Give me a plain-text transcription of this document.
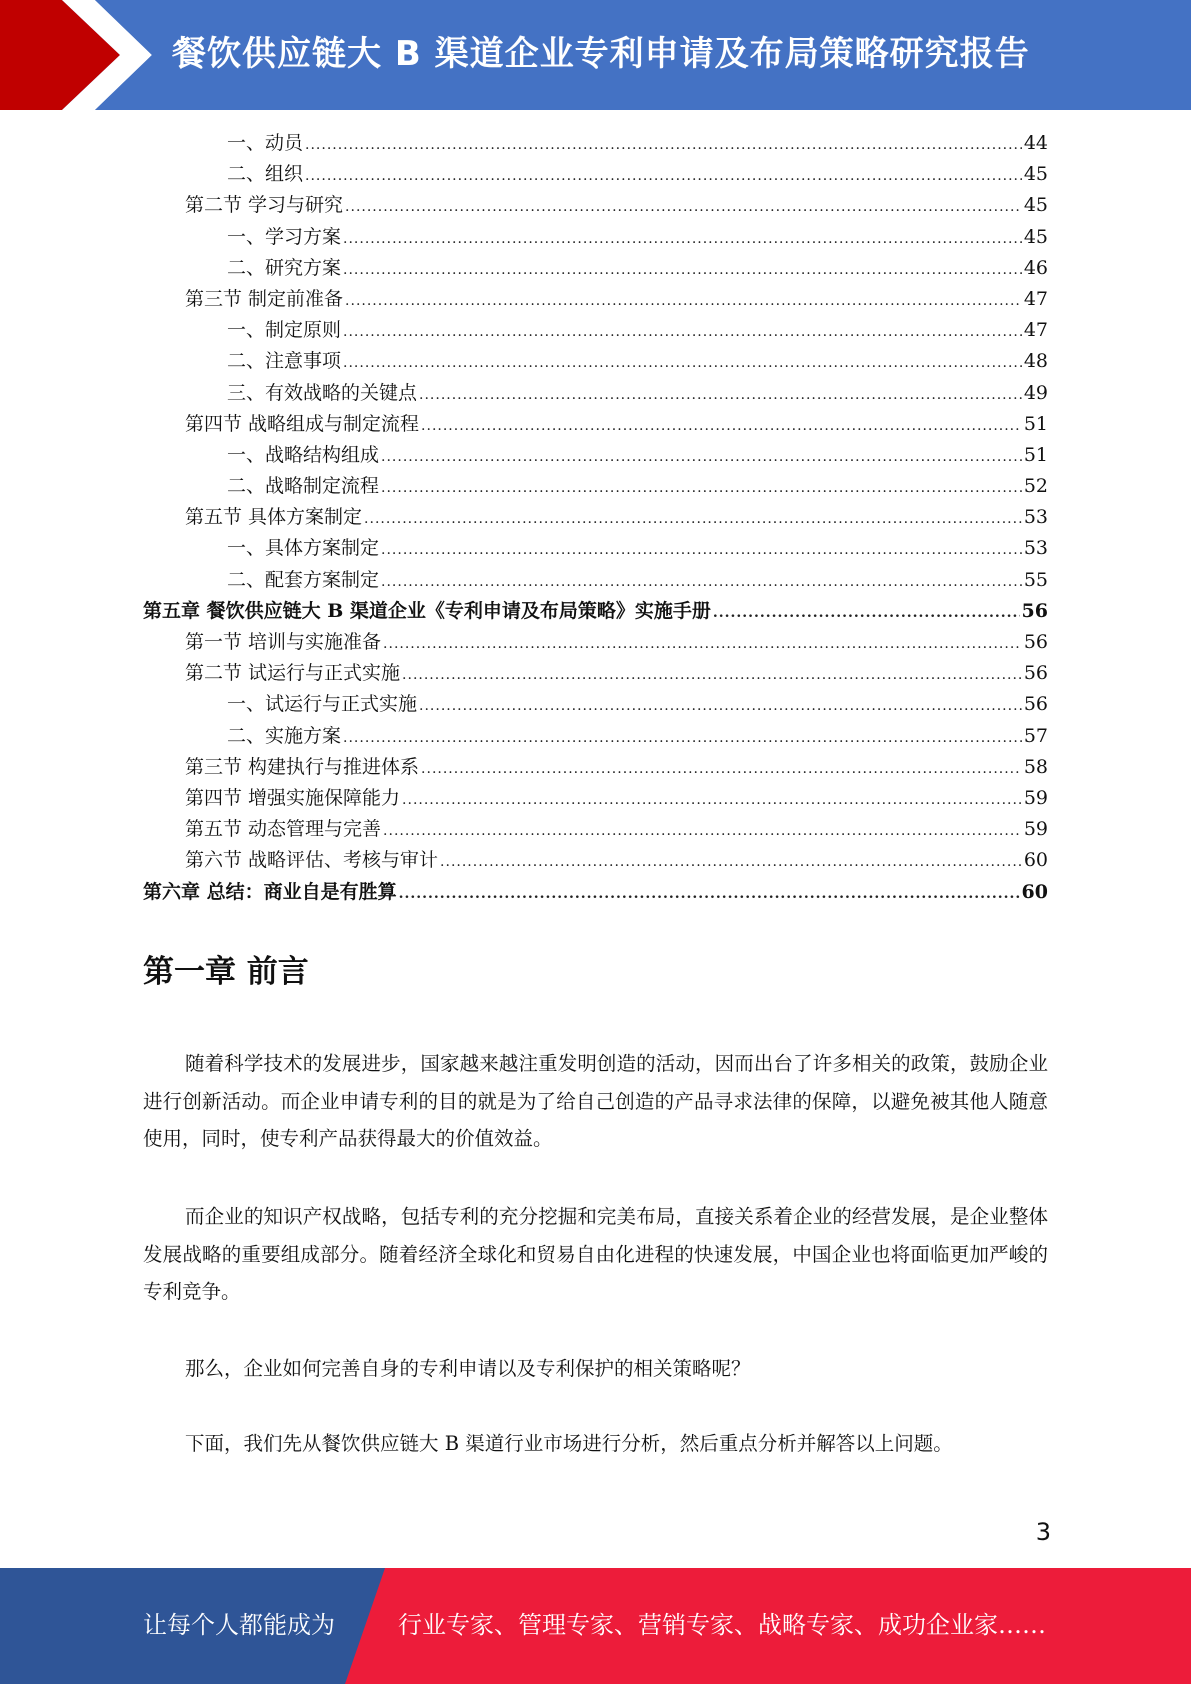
餐饮供应链大 B 渠道企业专利申请及布局策略研究报告
一、动员 .....	44
二、组织 .....	45
第二节 学习与研究 .....	45
一、学习方案 .....	45
二、研究方案 .....	46
第三节 制定前准备 .....	47
一、制定原则 .....	47
二、注意事项 .....	48
三、有效战略的关键点 .....	49
第四节 战略组成与制定流程 .....	51
一、战略结构组成 .....	51
二、战略制定流程 .....	52
第五节 具体方案制定 .....	53
一、具体方案制定 .....	53
二、配套方案制定 .....	55
第五章 餐饮供应链大 B 渠道企业《专利申请及布局策略》实施手册 .....	56
第一节 培训与实施准备 .....	56
第二节 试运行与正式实施 .....	56
一、试运行与正式实施 .....	56
二、实施方案 .....	57
第三节 构建执行与推进体系 .....	58
第四节 增强实施保障能力 .....	59
第五节 动态管理与完善 .....	59
第六节 战略评估、考核与审计 .....	60
第六章 总结：商业自是有胜算 .....	60
第一章 前言

随着科学技术的发展进步，国家越来越注重发明创造的活动，因而出台了许多相关的政策，鼓励企业进行创新活动。而企业申请专利的目的就是为了给自己创造的产品寻求法律的保障，以避免被其他人随意使用，同时，使专利产品获得最大的价值效益。

而企业的知识产权战略，包括专利的充分挖掘和完美布局，直接关系着企业的经营发展，是企业整体发展战略的重要组成部分。随着经济全球化和贸易自由化进程的快速发展，中国企业也将面临更加严峻的专利竞争。

那么，企业如何完善自身的专利申请以及专利保护的相关策略呢？

下面，我们先从餐饮供应链大 B 渠道行业市场进行分析，然后重点分析并解答以上问题。

3
让每个人都能成为	行业专家、管理专家、营销专家、战略专家、成功企业家……
